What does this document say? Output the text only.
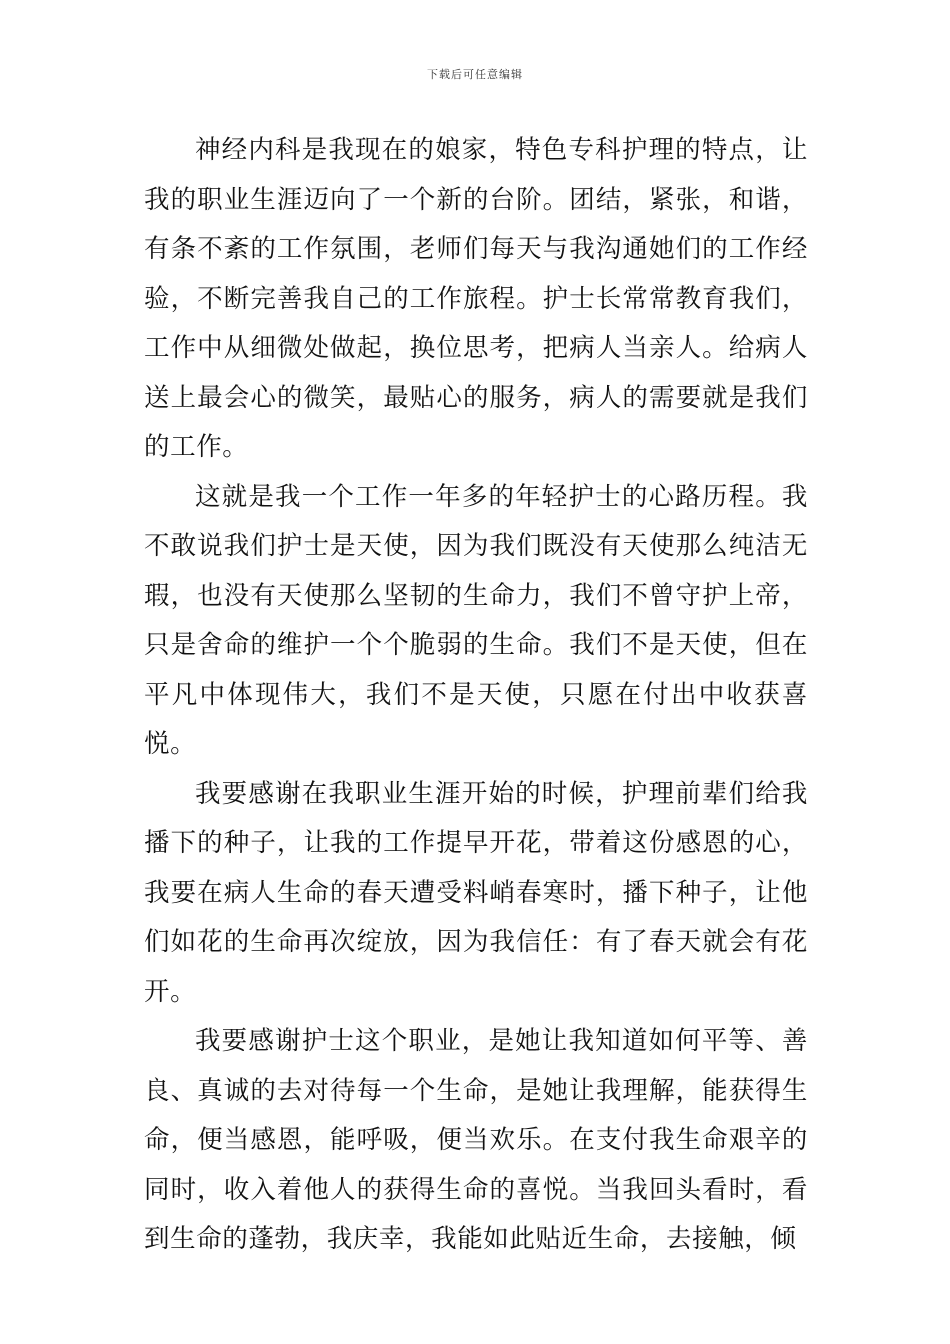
下载后可任意编辑

神经内科是我现在的娘家，特色专科护理的特点，让我的职业生涯迈向了一个新的台阶。团结，紧张，和谐，有条不紊的工作氛围，老师们每天与我沟通她们的工作经验，不断完善我自己的工作旅程。护士长常常教育我们，工作中从细微处做起，换位思考，把病人当亲人。给病人送上最会心的微笑，最贴心的服务，病人的需要就是我们的工作。

这就是我一个工作一年多的年轻护士的心路历程。我不敢说我们护士是天使，因为我们既没有天使那么纯洁无瑕，也没有天使那么坚韧的生命力，我们不曾守护上帝，只是舍命的维护一个个脆弱的生命。我们不是天使，但在平凡中体现伟大，我们不是天使，只愿在付出中收获喜悦。

我要感谢在我职业生涯开始的时候，护理前辈们给我播下的种子，让我的工作提早开花，带着这份感恩的心，我要在病人生命的春天遭受料峭春寒时，播下种子，让他们如花的生命再次绽放，因为我信任：有了春天就会有花开。

我要感谢护士这个职业，是她让我知道如何平等、善良、真诚的去对待每一个生命，是她让我理解，能获得生命，便当感恩，能呼吸，便当欢乐。在支付我生命艰辛的同时，收入着他人的获得生命的喜悦。当我回头看时，看到生命的蓬勃，我庆幸，我能如此贴近生命，去接触，倾
